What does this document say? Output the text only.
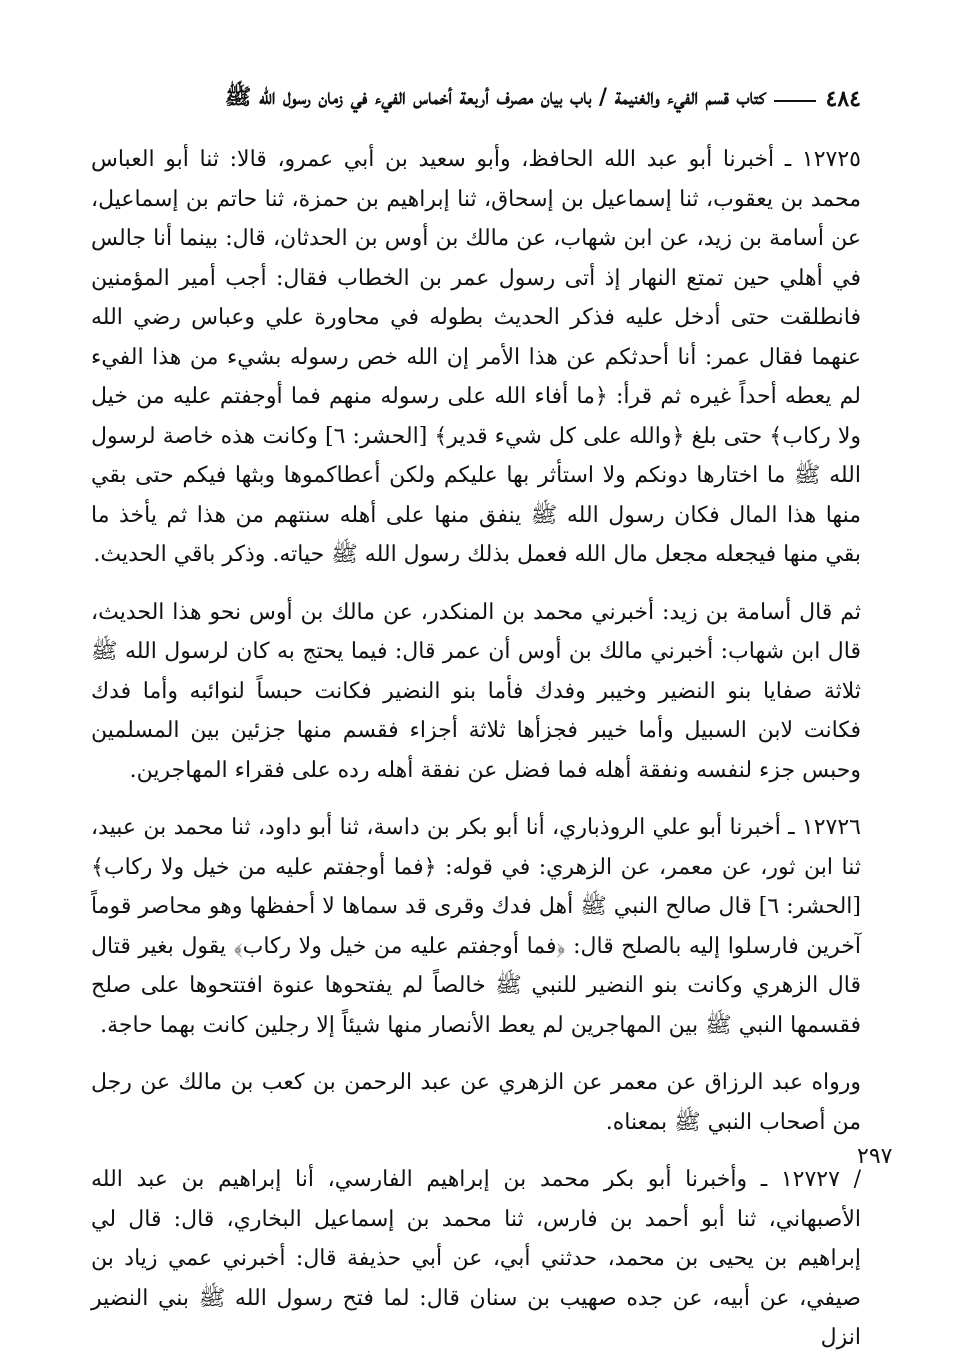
٤٨٤
كتاب قسم الفيء والغنيمة / باب بيان مصرف أربعة أخماس الفيء في زمان رسول الله ﷺ
٢٩٧

١٢٧٢٥ ـ أخبرنا أبو عبد الله الحافظ، وأبو سعيد بن أبي عمرو، قالا: ثنا أبو العباس محمد بن يعقوب، ثنا إسماعيل بن إسحاق، ثنا إبراهيم بن حمزة، ثنا حاتم بن إسماعيل، عن أسامة بن زيد، عن ابن شهاب، عن مالك بن أوس بن الحدثان، قال: بينما أنا جالس في أهلي حين تمتع النهار إذ أتى رسول عمر بن الخطاب فقال: أجب أمير المؤمنين فانطلقت حتى أدخل عليه فذكر الحديث بطوله في محاورة علي وعباس رضي الله عنهما فقال عمر: أنا أحدثكم عن هذا الأمر إن الله خص رسوله بشيء من هذا الفيء لم يعطه أحداً غيره ثم قرأ: ﴿ما أفاء الله على رسوله منهم فما أوجفتم عليه من خيل ولا ركاب﴾ حتى بلغ ﴿والله على كل شيء قدير﴾ [الحشر: ٦] وكانت هذه خاصة لرسول الله ﷺ ما اختارها دونكم ولا استأثر بها عليكم ولكن أعطاكموها وبثها فيكم حتى بقي منها هذا المال فكان رسول الله ﷺ ينفق منها على أهله سنتهم من هذا ثم يأخذ ما بقي منها فيجعله مجعل مال الله فعمل بذلك رسول الله ﷺ حياته. وذكر باقي الحديث.

ثم قال أسامة بن زيد: أخبرني محمد بن المنكدر، عن مالك بن أوس نحو هذا الحديث، قال ابن شهاب: أخبرني مالك بن أوس أن عمر قال: فيما يحتج به كان لرسول الله ﷺ ثلاثة صفايا بنو النضير وخيبر وفدك فأما بنو النضير فكانت حبساً لنوائبه وأما فدك فكانت لابن السبيل وأما خيبر فجزأها ثلاثة أجزاء فقسم منها جزئين بين المسلمين وحبس جزء لنفسه ونفقة أهله فما فضل عن نفقة أهله رده على فقراء المهاجرين.

١٢٧٢٦ ـ أخبرنا أبو علي الروذباري، أنا أبو بكر بن داسة، ثنا أبو داود، ثنا محمد بن عبيد، ثنا ابن ثور، عن معمر، عن الزهري: في قوله: ﴿فما أوجفتم عليه من خيل ولا ركاب﴾ [الحشر: ٦] قال صالح النبي ﷺ أهل فدك وقرى قد سماها لا أحفظها وهو محاصر قوماً آخرين فارسلوا إليه بالصلح قال: ﴿فما أوجفتم عليه من خيل ولا ركاب﴾ يقول بغير قتال قال الزهري وكانت بنو النضير للنبي ﷺ خالصاً لم يفتحوها عنوة افتتحوها على صلح فقسمها النبي ﷺ بين المهاجرين لم يعط الأنصار منها شيئاً إلا رجلين كانت بهما حاجة.

ورواه عبد الرزاق عن معمر عن الزهري عن عبد الرحمن بن كعب بن مالك عن رجل من أصحاب النبي ﷺ بمعناه.

/ ١٢٧٢٧ ـ وأخبرنا أبو بكر محمد بن إبراهيم الفارسي، أنا إبراهيم بن عبد الله الأصبهاني، ثنا أبو أحمد بن فارس، ثنا محمد بن إسماعيل البخاري، قال: قال لي إبراهيم بن يحيى بن محمد، حدثني أبي، عن أبي حذيفة قال: أخبرني عمي زياد بن صيفي، عن أبيه، عن جده صهيب بن سنان قال: لما فتح رسول الله ﷺ بني النضير انزل
